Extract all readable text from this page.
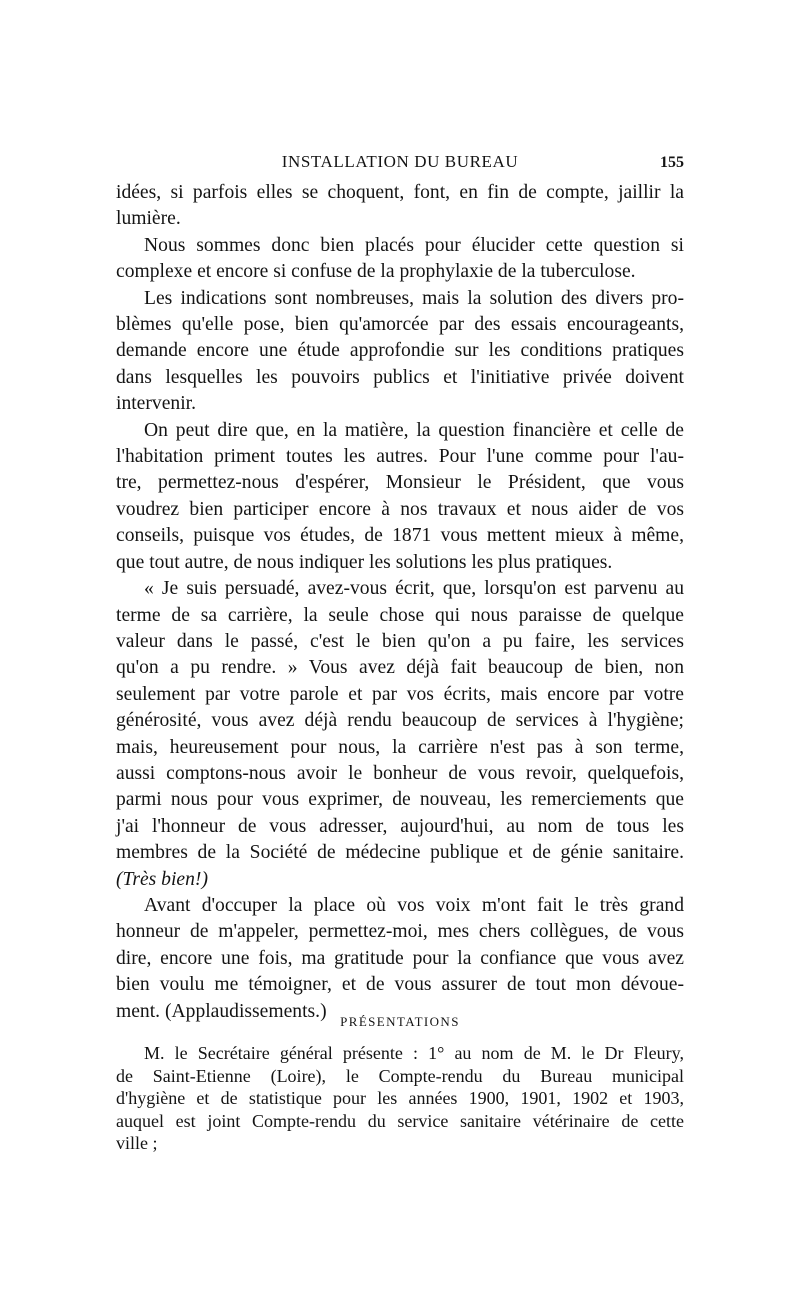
INSTALLATION DU BUREAU	155

idées, si parfois elles se choquent, font, en fin de compte, jaillir la
lumière.

Nous sommes donc bien placés pour élucider cette question si
complexe et encore si confuse de la prophylaxie de la tuberculose.

Les indications sont nombreuses, mais la solution des divers pro-
blèmes qu'elle pose, bien qu'amorcée par des essais encourageants,
demande encore une étude approfondie sur les conditions pratiques
dans lesquelles les pouvoirs publics et l'initiative privée doivent
intervenir.

On peut dire que, en la matière, la question financière et celle de
l'habitation priment toutes les autres. Pour l'une comme pour l'au-
tre, permettez-nous d'espérer, Monsieur le Président, que vous
voudrez bien participer encore à nos travaux et nous aider de vos
conseils, puisque vos études, de 1871 vous mettent mieux à même,
que tout autre, de nous indiquer les solutions les plus pratiques.

« Je suis persuadé, avez-vous écrit, que, lorsqu'on est parvenu au
terme de sa carrière, la seule chose qui nous paraisse de quelque
valeur dans le passé, c'est le bien qu'on a pu faire, les services
qu'on a pu rendre. » Vous avez déjà fait beaucoup de bien, non
seulement par votre parole et par vos écrits, mais encore par votre
générosité, vous avez déjà rendu beaucoup de services à l'hygiène;
mais, heureusement pour nous, la carrière n'est pas à son terme,
aussi comptons-nous avoir le bonheur de vous revoir, quelquefois,
parmi nous pour vous exprimer, de nouveau, les remerciements que
j'ai l'honneur de vous adresser, aujourd'hui, au nom de tous les
membres de la Société de médecine publique et de génie sanitaire.
(Très bien!)

Avant d'occuper la place où vos voix m'ont fait le très grand
honneur de m'appeler, permettez-moi, mes chers collègues, de vous
dire, encore une fois, ma gratitude pour la confiance que vous avez
bien voulu me témoigner, et de vous assurer de tout mon dévoue-
ment. (Applaudissements.)	PRÉSENTATIONS
M. le Secrétaire général présente : 1° au nom de M. le Dr Fleury,
de Saint-Etienne (Loire), le Compte-rendu du Bureau municipal
d'hygiène et de statistique pour les années 1900, 1901, 1902 et 1903,
auquel est joint Compte-rendu du service sanitaire vétérinaire de cette
ville ;
